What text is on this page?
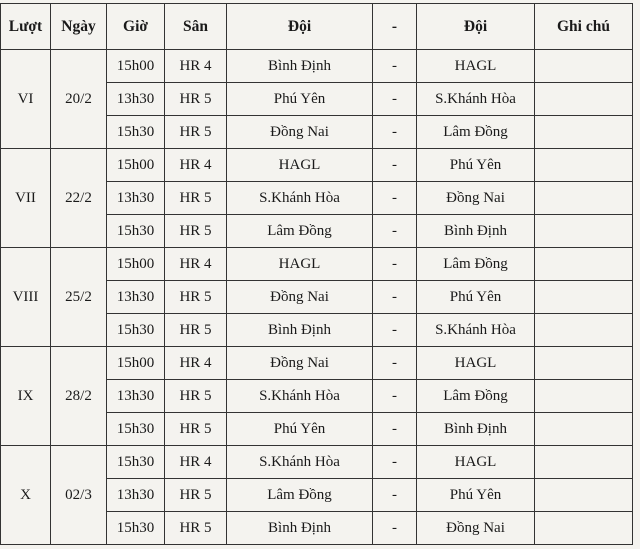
Lượt	Ngày	Giờ	Sân	Đội	-	Đội	Ghi chú
VI	20/2	15h00	HR 4	Bình Định	-	HAGL	
		13h30	HR 5	Phú Yên	-	S.Khánh Hòa	
		15h30	HR 5	Đồng Nai	-	Lâm Đồng	
VII	22/2	15h00	HR 4	HAGL	-	Phú Yên	
		13h30	HR 5	S.Khánh Hòa	-	Đồng Nai	
		15h30	HR 5	Lâm Đồng	-	Bình Định	
VIII	25/2	15h00	HR 4	HAGL	-	Lâm Đồng	
		13h30	HR 5	Đồng Nai	-	Phú Yên	
		15h30	HR 5	Bình Định	-	S.Khánh Hòa	
IX	28/2	15h00	HR 4	Đồng Nai	-	HAGL	
		13h30	HR 5	S.Khánh Hòa	-	Lâm Đồng	
		15h30	HR 5	Phú Yên	-	Bình Định	
X	02/3	15h30	HR 4	S.Khánh Hòa	-	HAGL	
		13h30	HR 5	Lâm Đồng	-	Phú Yên	
		15h30	HR 5	Bình Định	-	Đồng Nai	
